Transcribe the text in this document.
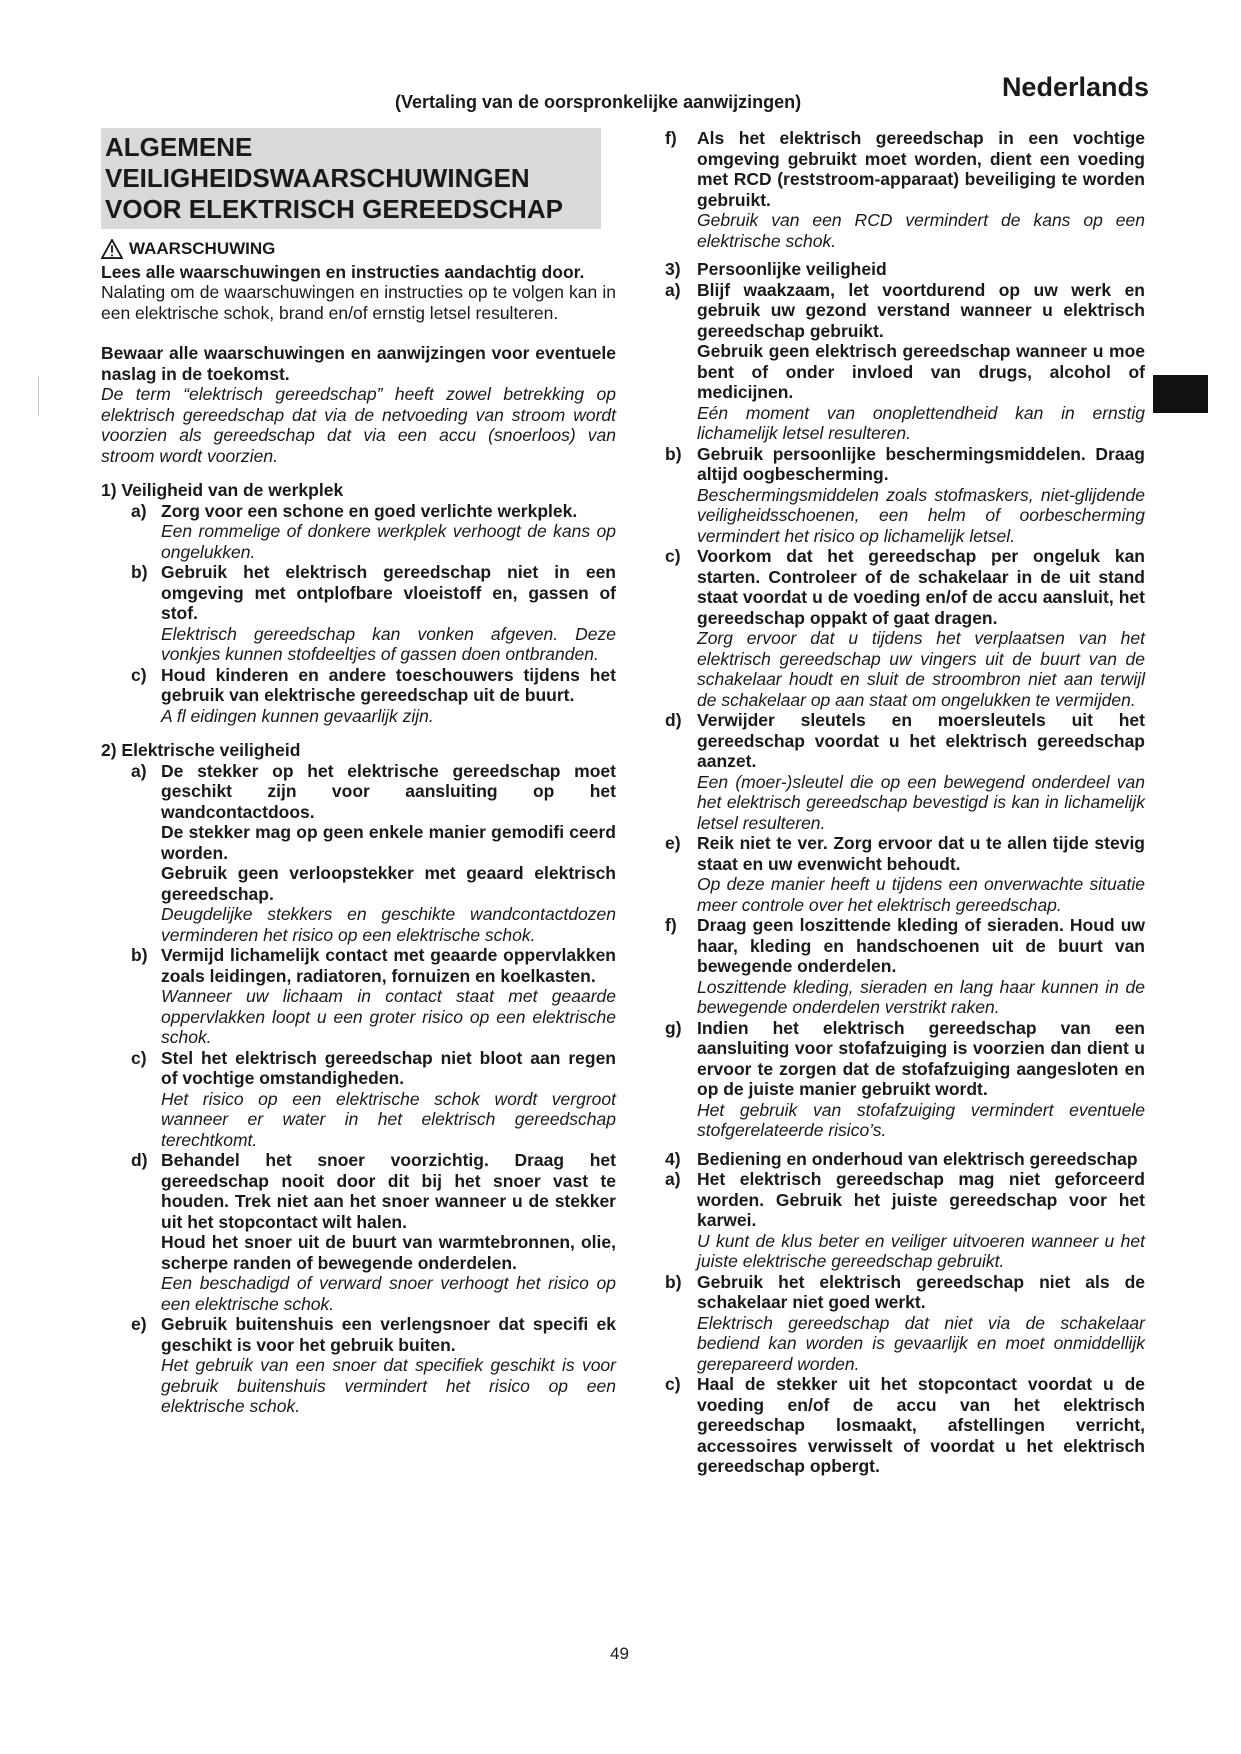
Nederlands
(Vertaling van de oorspronkelijke aanwijzingen)
ALGEMENE VEILIGHEIDSWAARSCHUWINGEN VOOR ELEKTRISCH GEREEDSCHAP
WAARSCHUWING

Lees alle waarschuwingen en instructies aandachtig door.

Nalating om de waarschuwingen en instructies op te volgen kan in een elektrische schok, brand en/of ernstig letsel resulteren.

Bewaar alle waarschuwingen en aanwijzingen voor eventuele naslag in de toekomst.

De term “elektrisch gereedschap” heeft zowel betrekking op elektrisch gereedschap dat via de netvoeding van stroom wordt voorzien als gereedschap dat via een accu (snoerloos) van stroom wordt voorzien.

1) Veiligheid van de werkplek

a) Zorg voor een schone en goed verlichte werkplek.

Een rommelige of donkere werkplek verhoogt de kans op ongelukken.

b) Gebruik het elektrisch gereedschap niet in een omgeving met ontplofbare vloeistoff en, gassen of stof.

Elektrisch gereedschap kan vonken afgeven. Deze vonkjes kunnen stofdeeltjes of gassen doen ontbranden.

c) Houd kinderen en andere toeschouwers tijdens het gebruik van elektrische gereedschap uit de buurt.

A fl eidingen kunnen gevaarlijk zijn.

2) Elektrische veiligheid

a) De stekker op het elektrische gereedschap moet geschikt zijn voor aansluiting op het wandcontactdoos.

De stekker mag op geen enkele manier gemodifi ceerd worden.

Gebruik geen verloopstekker met geaard elektrisch gereedschap.

Deugdelijke stekkers en geschikte wandcontactdozen verminderen het risico op een elektrische schok.

b) Vermijd lichamelijk contact met geaarde oppervlakken zoals leidingen, radiatoren, fornuizen en koelkasten.

Wanneer uw lichaam in contact staat met geaarde oppervlakken loopt u een groter risico op een elektrische schok.

c) Stel het elektrisch gereedschap niet bloot aan regen of vochtige omstandigheden.

Het risico op een elektrische schok wordt vergroot wanneer er water in het elektrisch gereedschap terechtkomt.

d) Behandel het snoer voorzichtig. Draag het gereedschap nooit door dit bij het snoer vast te houden. Trek niet aan het snoer wanneer u de stekker uit het stopcontact wilt halen.

Houd het snoer uit de buurt van warmtebronnen, olie, scherpe randen of bewegende onderdelen.

Een beschadigd of verward snoer verhoogt het risico op een elektrische schok.

e) Gebruik buitenshuis een verlengsnoer dat specifi ek geschikt is voor het gebruik buiten.

Het gebruik van een snoer dat specifiek geschikt is voor gebruik buitenshuis vermindert het risico op een elektrische schok.

f)	Als het elektrisch gereedschap in een vochtige omgeving gebruikt moet worden, dient een voeding met RCD (reststroom-apparaat) beveiliging te worden gebruikt.

Gebruik van een RCD vermindert de kans op een elektrische schok.

3) Persoonlijke veiligheid
a) Blijf waakzaam, let voortdurend op uw werk en gebruik uw gezond verstand wanneer u elektrisch gereedschap gebruikt.

Gebruik geen elektrisch gereedschap wanneer u moe bent of onder invloed van drugs, alcohol of medicijnen.

Eén moment van onoplettendheid kan in ernstig lichamelijk letsel resulteren.

b) Gebruik persoonlijke beschermingsmiddelen. Draag altijd oogbescherming.

Beschermingsmiddelen zoals stofmaskers, niet-glijdende veiligheidsschoenen, een helm of oorbescherming vermindert het risico op lichamelijk letsel.

c) Voorkom dat het gereedschap per ongeluk kan starten. Controleer of de schakelaar in de uit stand staat voordat u de voeding en/of de accu aansluit, het gereedschap oppakt of gaat dragen.

Zorg ervoor dat u tijdens het verplaatsen van het elektrisch gereedschap uw vingers uit de buurt van de schakelaar houdt en sluit de stroombron niet aan terwijl de schakelaar op aan staat om ongelukken te vermijden.

d) Verwijder sleutels en moersleutels uit het gereedschap voordat u het elektrisch gereedschap aanzet.

Een (moer-)sleutel die op een bewegend onderdeel van het elektrisch gereedschap bevestigd is kan in lichamelijk letsel resulteren.

e) Reik niet te ver. Zorg ervoor dat u te allen tijde stevig staat en uw evenwicht behoudt.

Op deze manier heeft u tijdens een onverwachte situatie meer controle over het elektrisch gereedschap.

f)	Draag geen loszittende kleding of sieraden. Houd uw haar, kleding en handschoenen uit de buurt van bewegende onderdelen.

Loszittende kleding, sieraden en lang haar kunnen in de bewegende onderdelen verstrikt raken.

g) Indien het elektrisch gereedschap van een aansluiting voor stofafzuiging is voorzien dan dient u ervoor te zorgen dat de stofafzuiging aangesloten en op de juiste manier gebruikt wordt.

Het gebruik van stofafzuiging vermindert eventuele stofgerelateerde risico’s.

4) Bediening en onderhoud van elektrisch gereedschap
a) Het elektrisch gereedschap mag niet geforceerd worden. Gebruik het juiste gereedschap voor het karwei.

U kunt de klus beter en veiliger uitvoeren wanneer u het juiste elektrische gereedschap gebruikt.

b) Gebruik het elektrisch gereedschap niet als de schakelaar niet goed werkt.

Elektrisch gereedschap dat niet via de schakelaar bediend kan worden is gevaarlijk en moet onmiddellijk gerepareerd worden.

c) Haal de stekker uit het stopcontact voordat u de voeding en/of de accu van het elektrisch gereedschap losmaakt, afstellingen verricht, accessoires verwisselt of voordat u het elektrisch gereedschap opbergt.

49
